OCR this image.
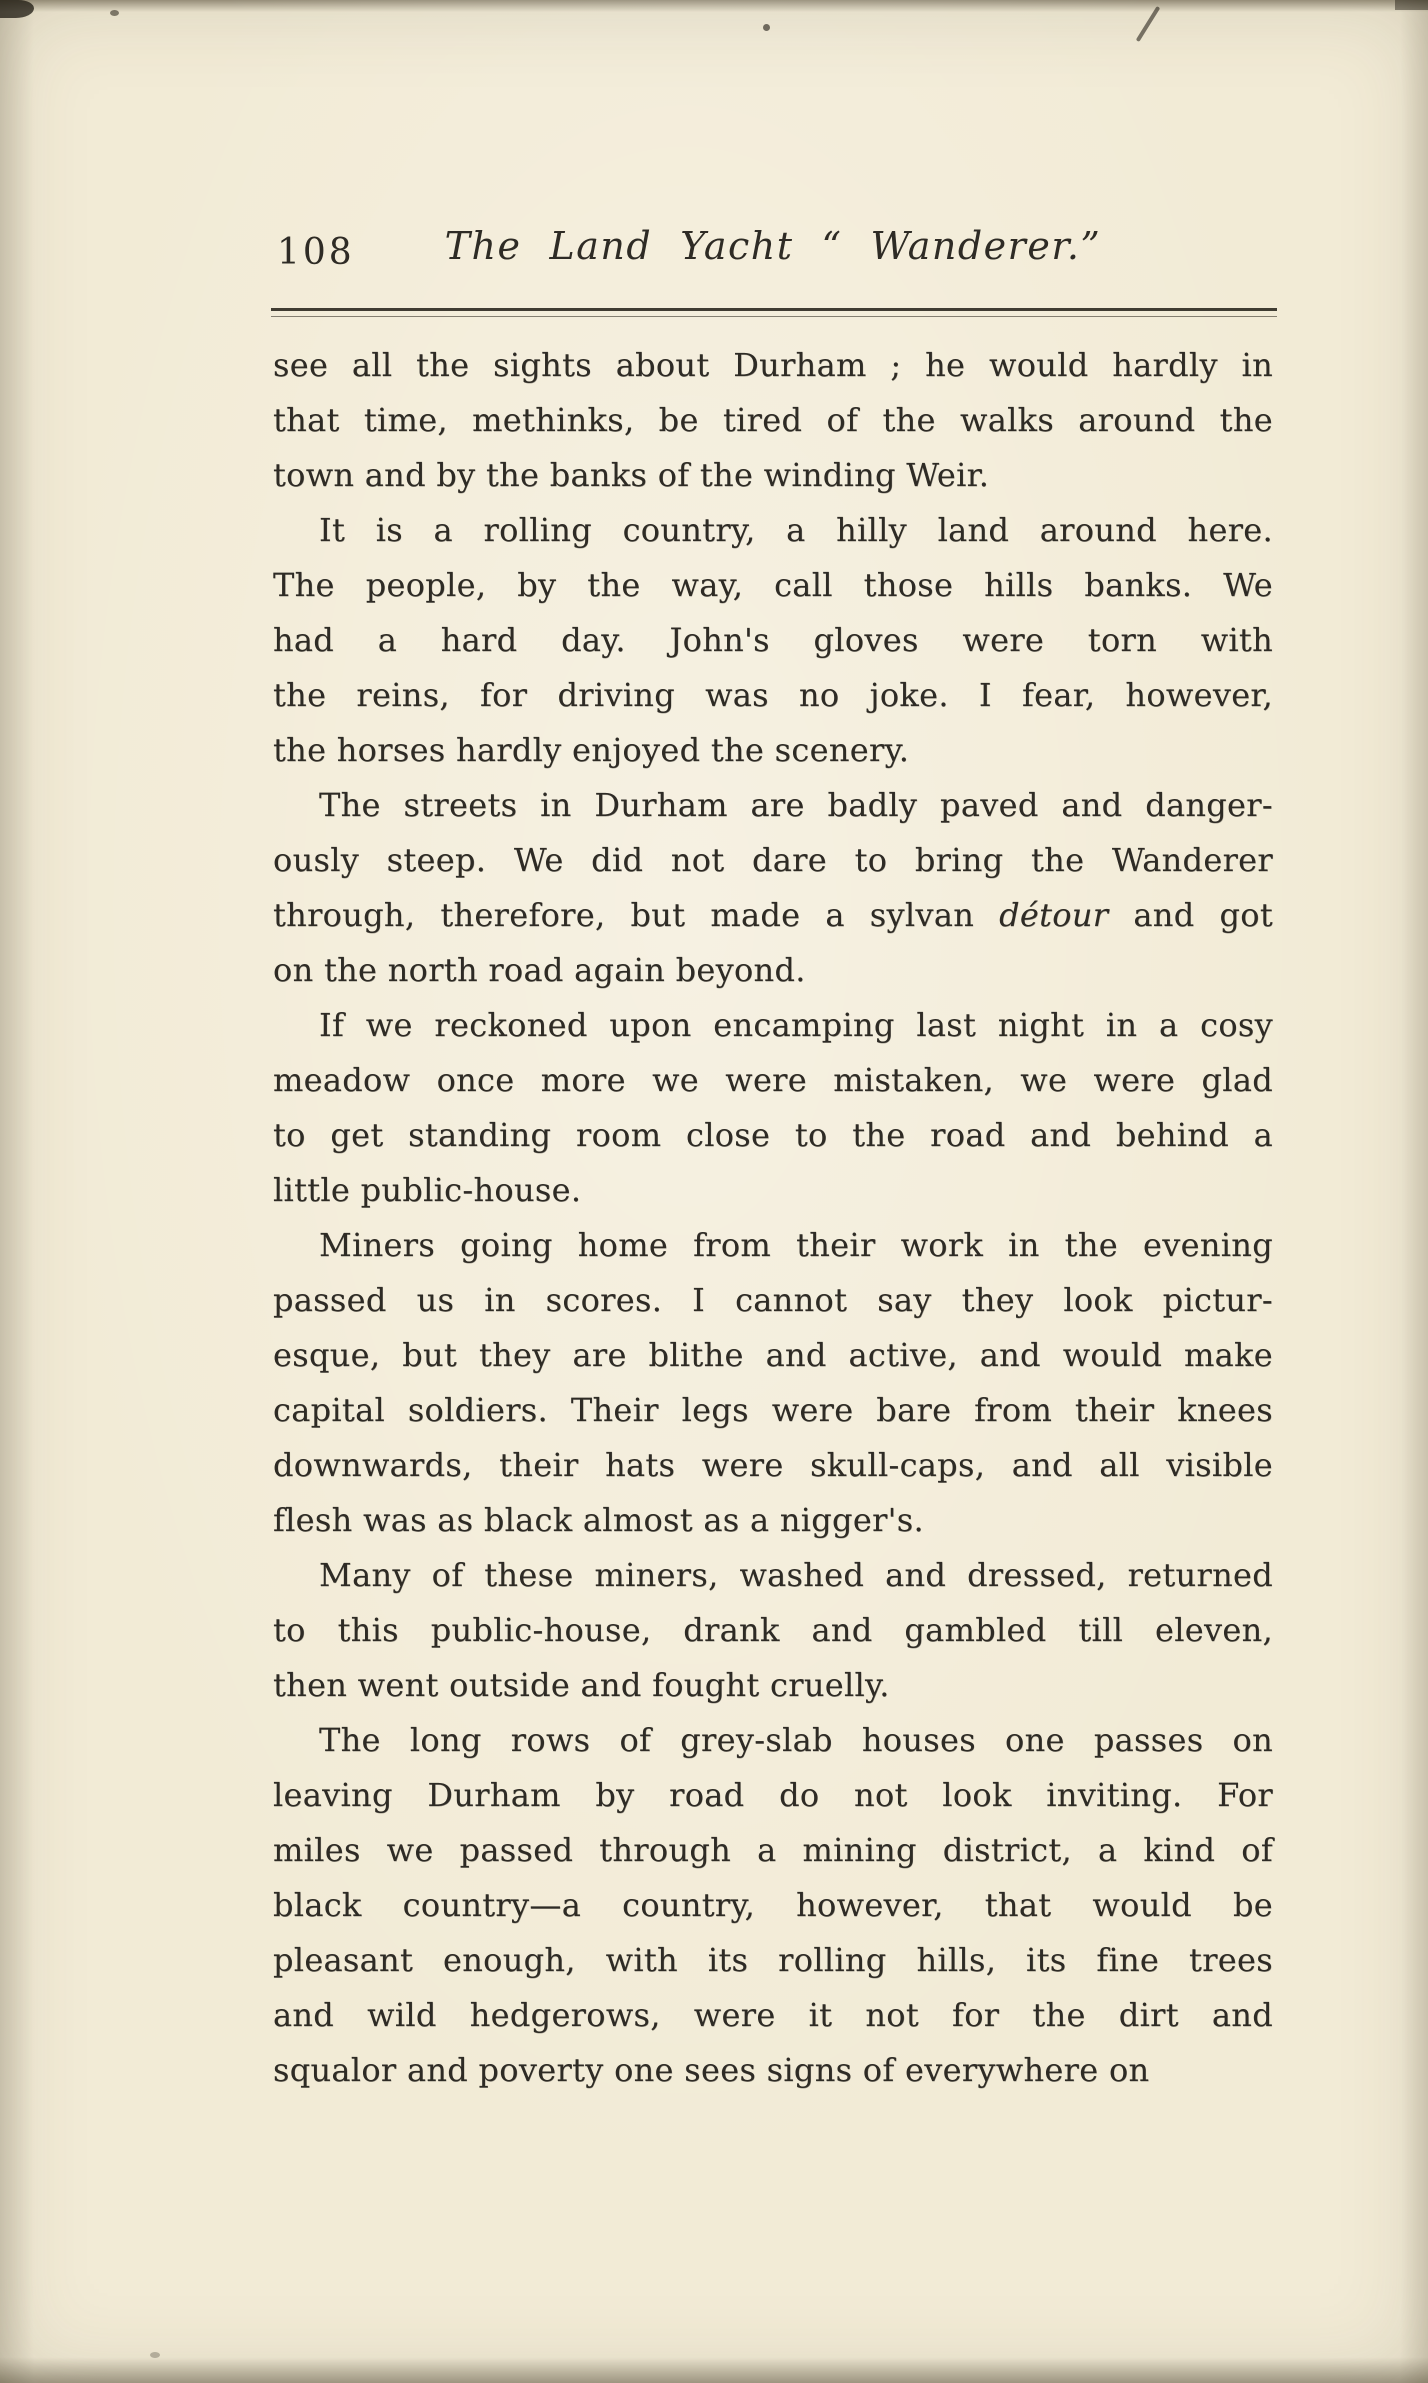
108	The Land Yacht “ Wanderer.”
see all the sights about Durham ; he would hardly in
that time, methinks, be tired of the walks around the
town and by the banks of the winding Weir.
It is a rolling country, a hilly land around here.
The people, by the way, call those hills banks. We
had a hard day. John's gloves were torn with
the reins, for driving was no joke. I fear, however,
the horses hardly enjoyed the scenery.
The streets in Durham are badly paved and danger-
ously steep. We did not dare to bring the Wanderer
through, therefore, but made a sylvan détour and got
on the north road again beyond.
If we reckoned upon encamping last night in a cosy
meadow once more we were mistaken, we were glad
to get standing room close to the road and behind a
little public-house.
Miners going home from their work in the evening
passed us in scores. I cannot say they look pictur-
esque, but they are blithe and active, and would make
capital soldiers. Their legs were bare from their knees
downwards, their hats were skull-caps, and all visible
flesh was as black almost as a nigger's.
Many of these miners, washed and dressed, returned
to this public-house, drank and gambled till eleven,
then went outside and fought cruelly.
The long rows of grey-slab houses one passes on
leaving Durham by road do not look inviting. For
miles we passed through a mining district, a kind of
black country—a country, however, that would be
pleasant enough, with its rolling hills, its fine trees
and wild hedgerows, were it not for the dirt and
squalor and poverty one sees signs of everywhere on
